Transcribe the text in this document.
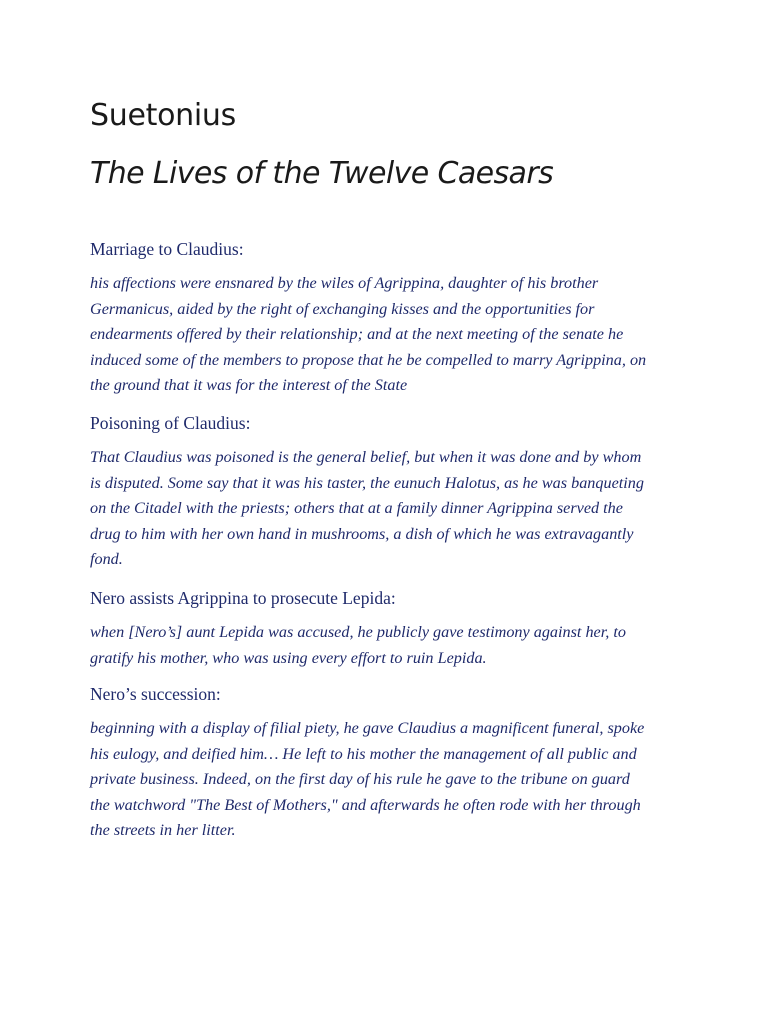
Suetonius
The Lives of the Twelve Caesars
Marriage to Claudius:

his affections were ensnared by the wiles of Agrippina, daughter of his brother
Germanicus, aided by the right of exchanging kisses and the opportunities for
endearments offered by their relationship; and at the next meeting of the senate he
induced some of the members to propose that he be compelled to marry Agrippina, on
the ground that it was for the interest of the State

Poisoning of Claudius:

That Claudius was poisoned is the general belief, but when it was done and by whom
is disputed. Some say that it was his taster, the eunuch Halotus, as he was banqueting
on the Citadel with the priests; others that at a family dinner Agrippina served the
drug to him with her own hand in mushrooms, a dish of which he was extravagantly
fond.

Nero assists Agrippina to prosecute Lepida:

when [Nero’s] aunt Lepida was accused, he publicly gave testimony against her, to
gratify his mother, who was using every effort to ruin Lepida.

Nero’s succession:

beginning with a display of filial piety, he gave Claudius a magnificent funeral, spoke
his eulogy, and deified him… He left to his mother the management of all public and
private business. Indeed, on the first day of his rule he gave to the tribune on guard
the watchword "The Best of Mothers," and afterwards he often rode with her through
the streets in her litter.
